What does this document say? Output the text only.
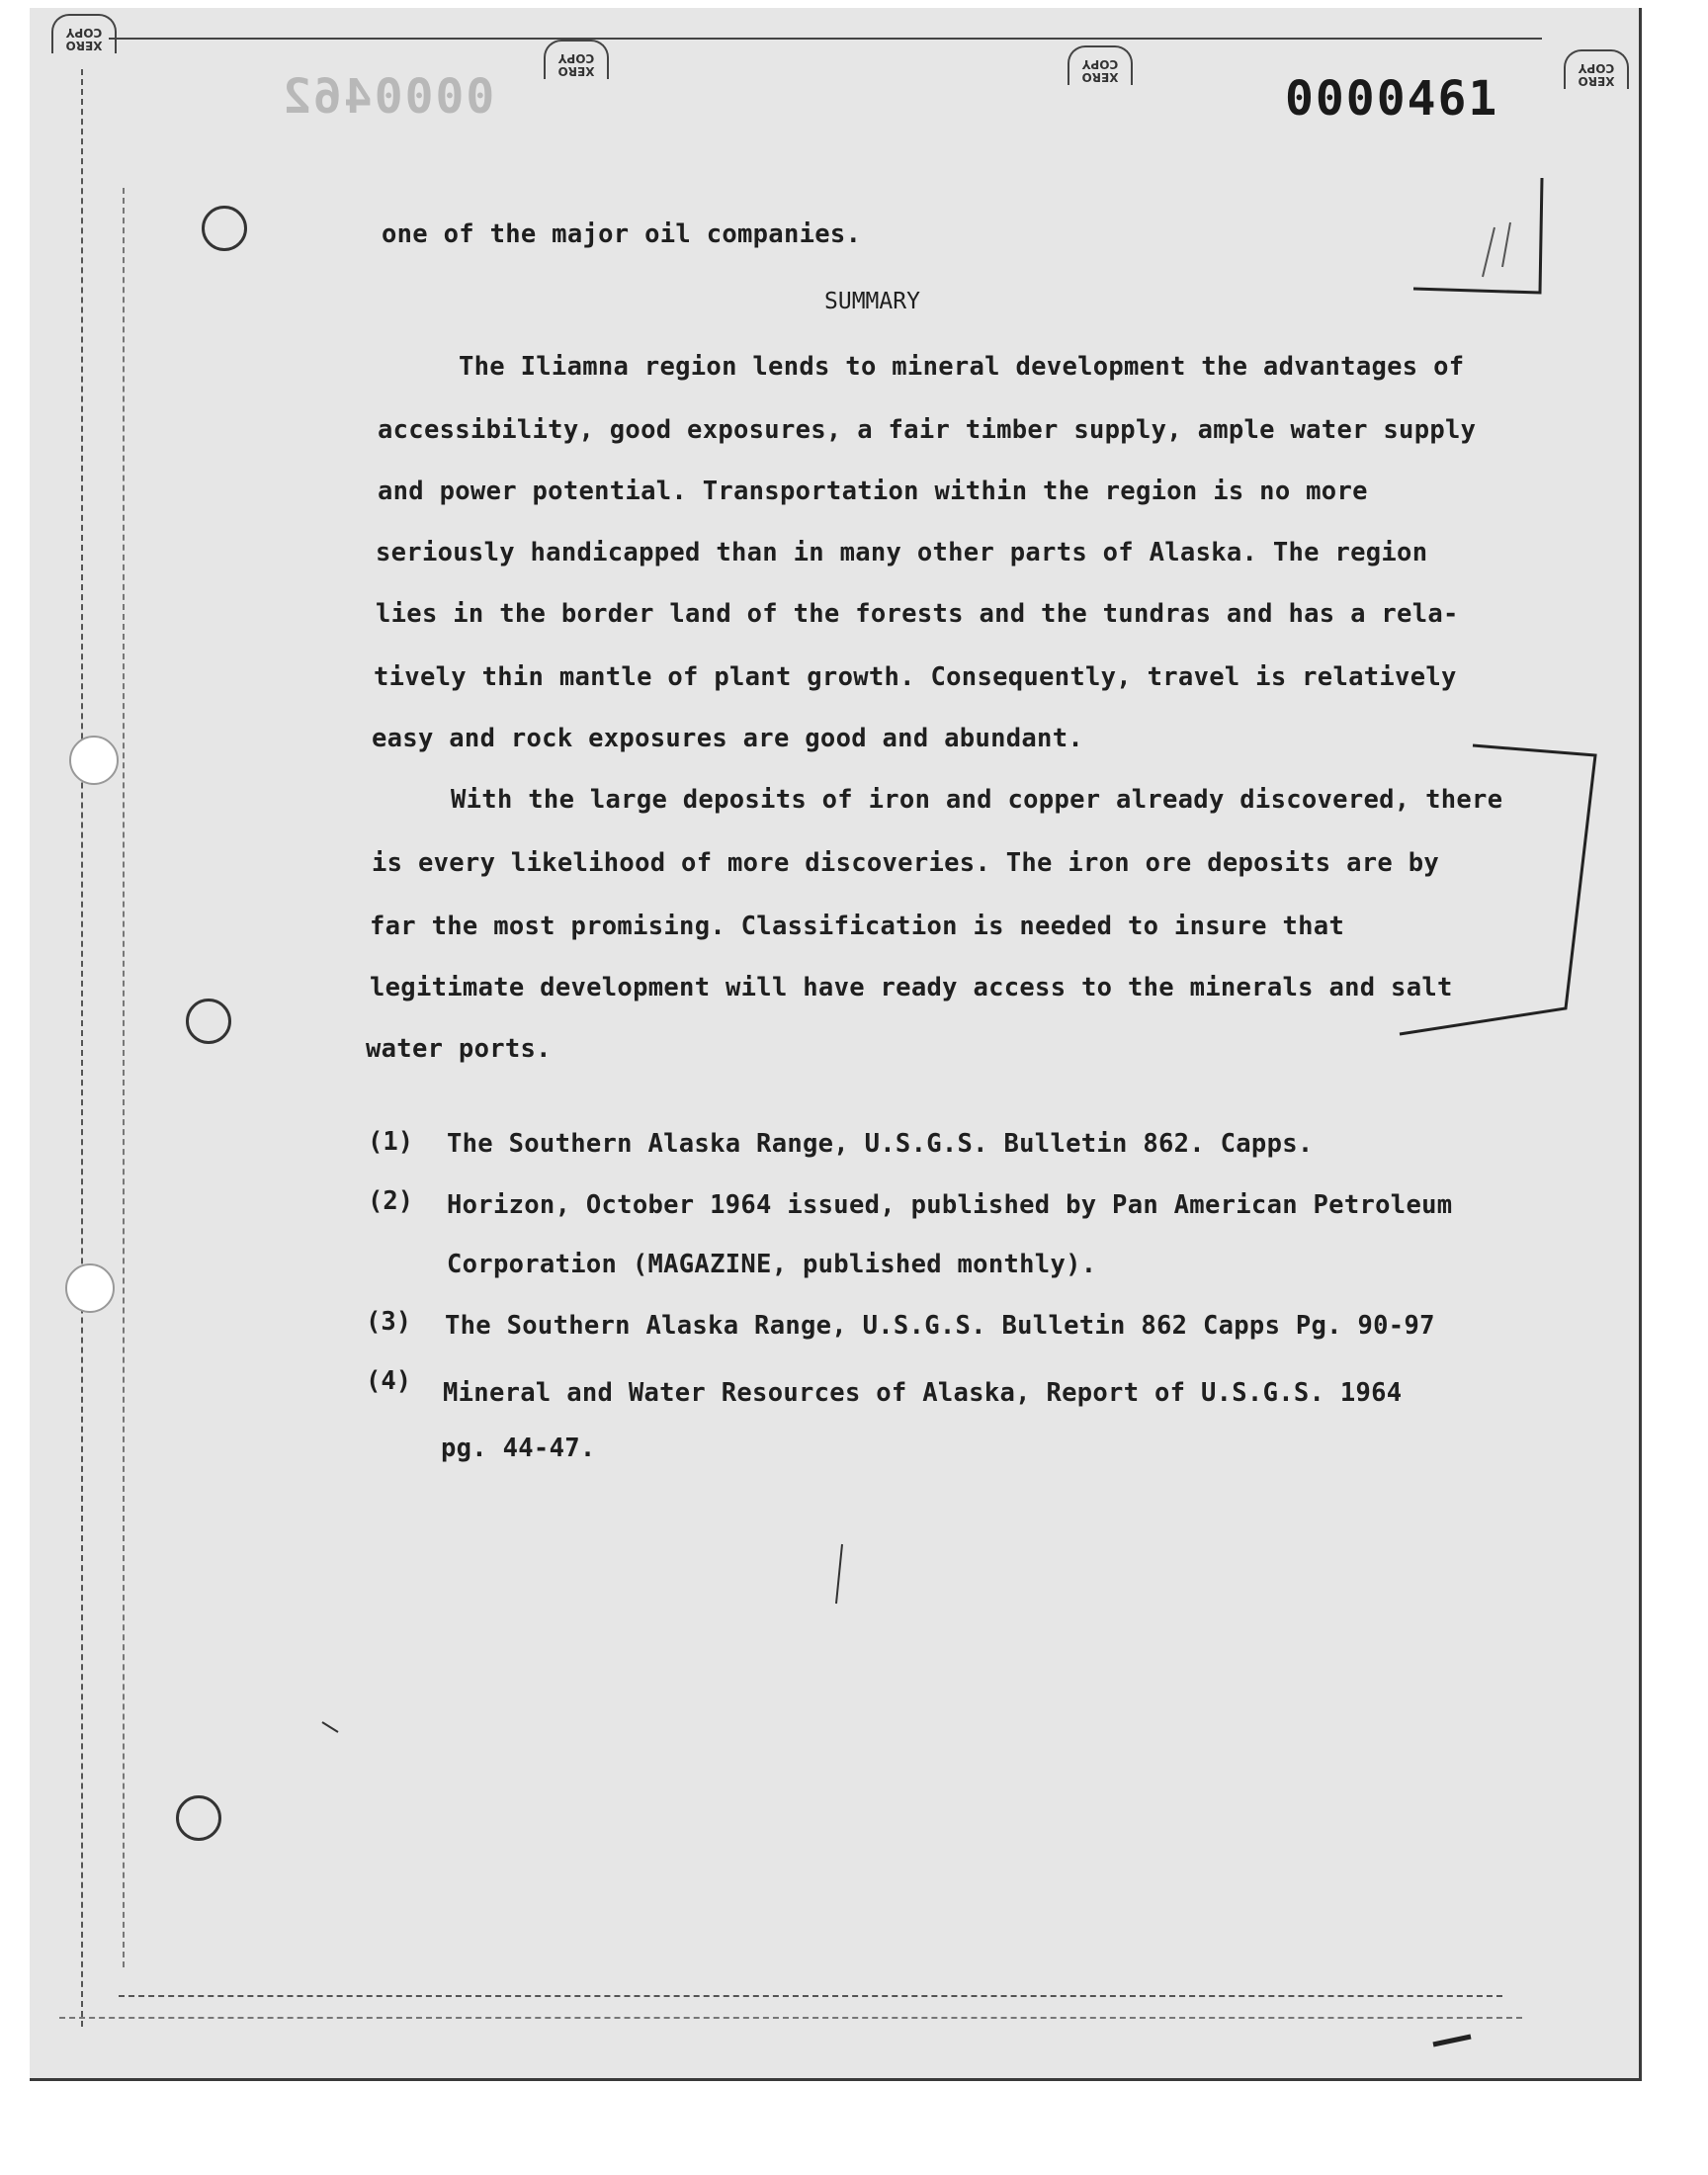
XERO COPY
XERO COPY
XERO COPY
XERO COPY
0000462	0000461
one of the major oil companies.
SUMMARY
The Iliamna region lends to mineral development the advantages of
accessibility, good exposures, a fair timber supply, ample water supply
and power potential. Transportation within the region is no more
seriously handicapped than in many other parts of Alaska. The region
lies in the border land of the forests and the tundras and has a rela-
tively thin mantle of plant growth. Consequently, travel is relatively
easy and rock exposures are good and abundant.
With the large deposits of iron and copper already discovered, there
is every likelihood of more discoveries. The iron ore deposits are by
far the most promising. Classification is needed to insure that
legitimate development will have ready access to the minerals and salt
water ports.
(1) The Southern Alaska Range, U.S.G.S. Bulletin 862. Capps.
(2) Horizon, October 1964 issued, published by Pan American Petroleum
Corporation (MAGAZINE, published monthly).
(3) The Southern Alaska Range, U.S.G.S. Bulletin 862 Capps Pg. 90-97
(4) Mineral and Water Resources of Alaska, Report of U.S.G.S. 1964
pg. 44-47.
